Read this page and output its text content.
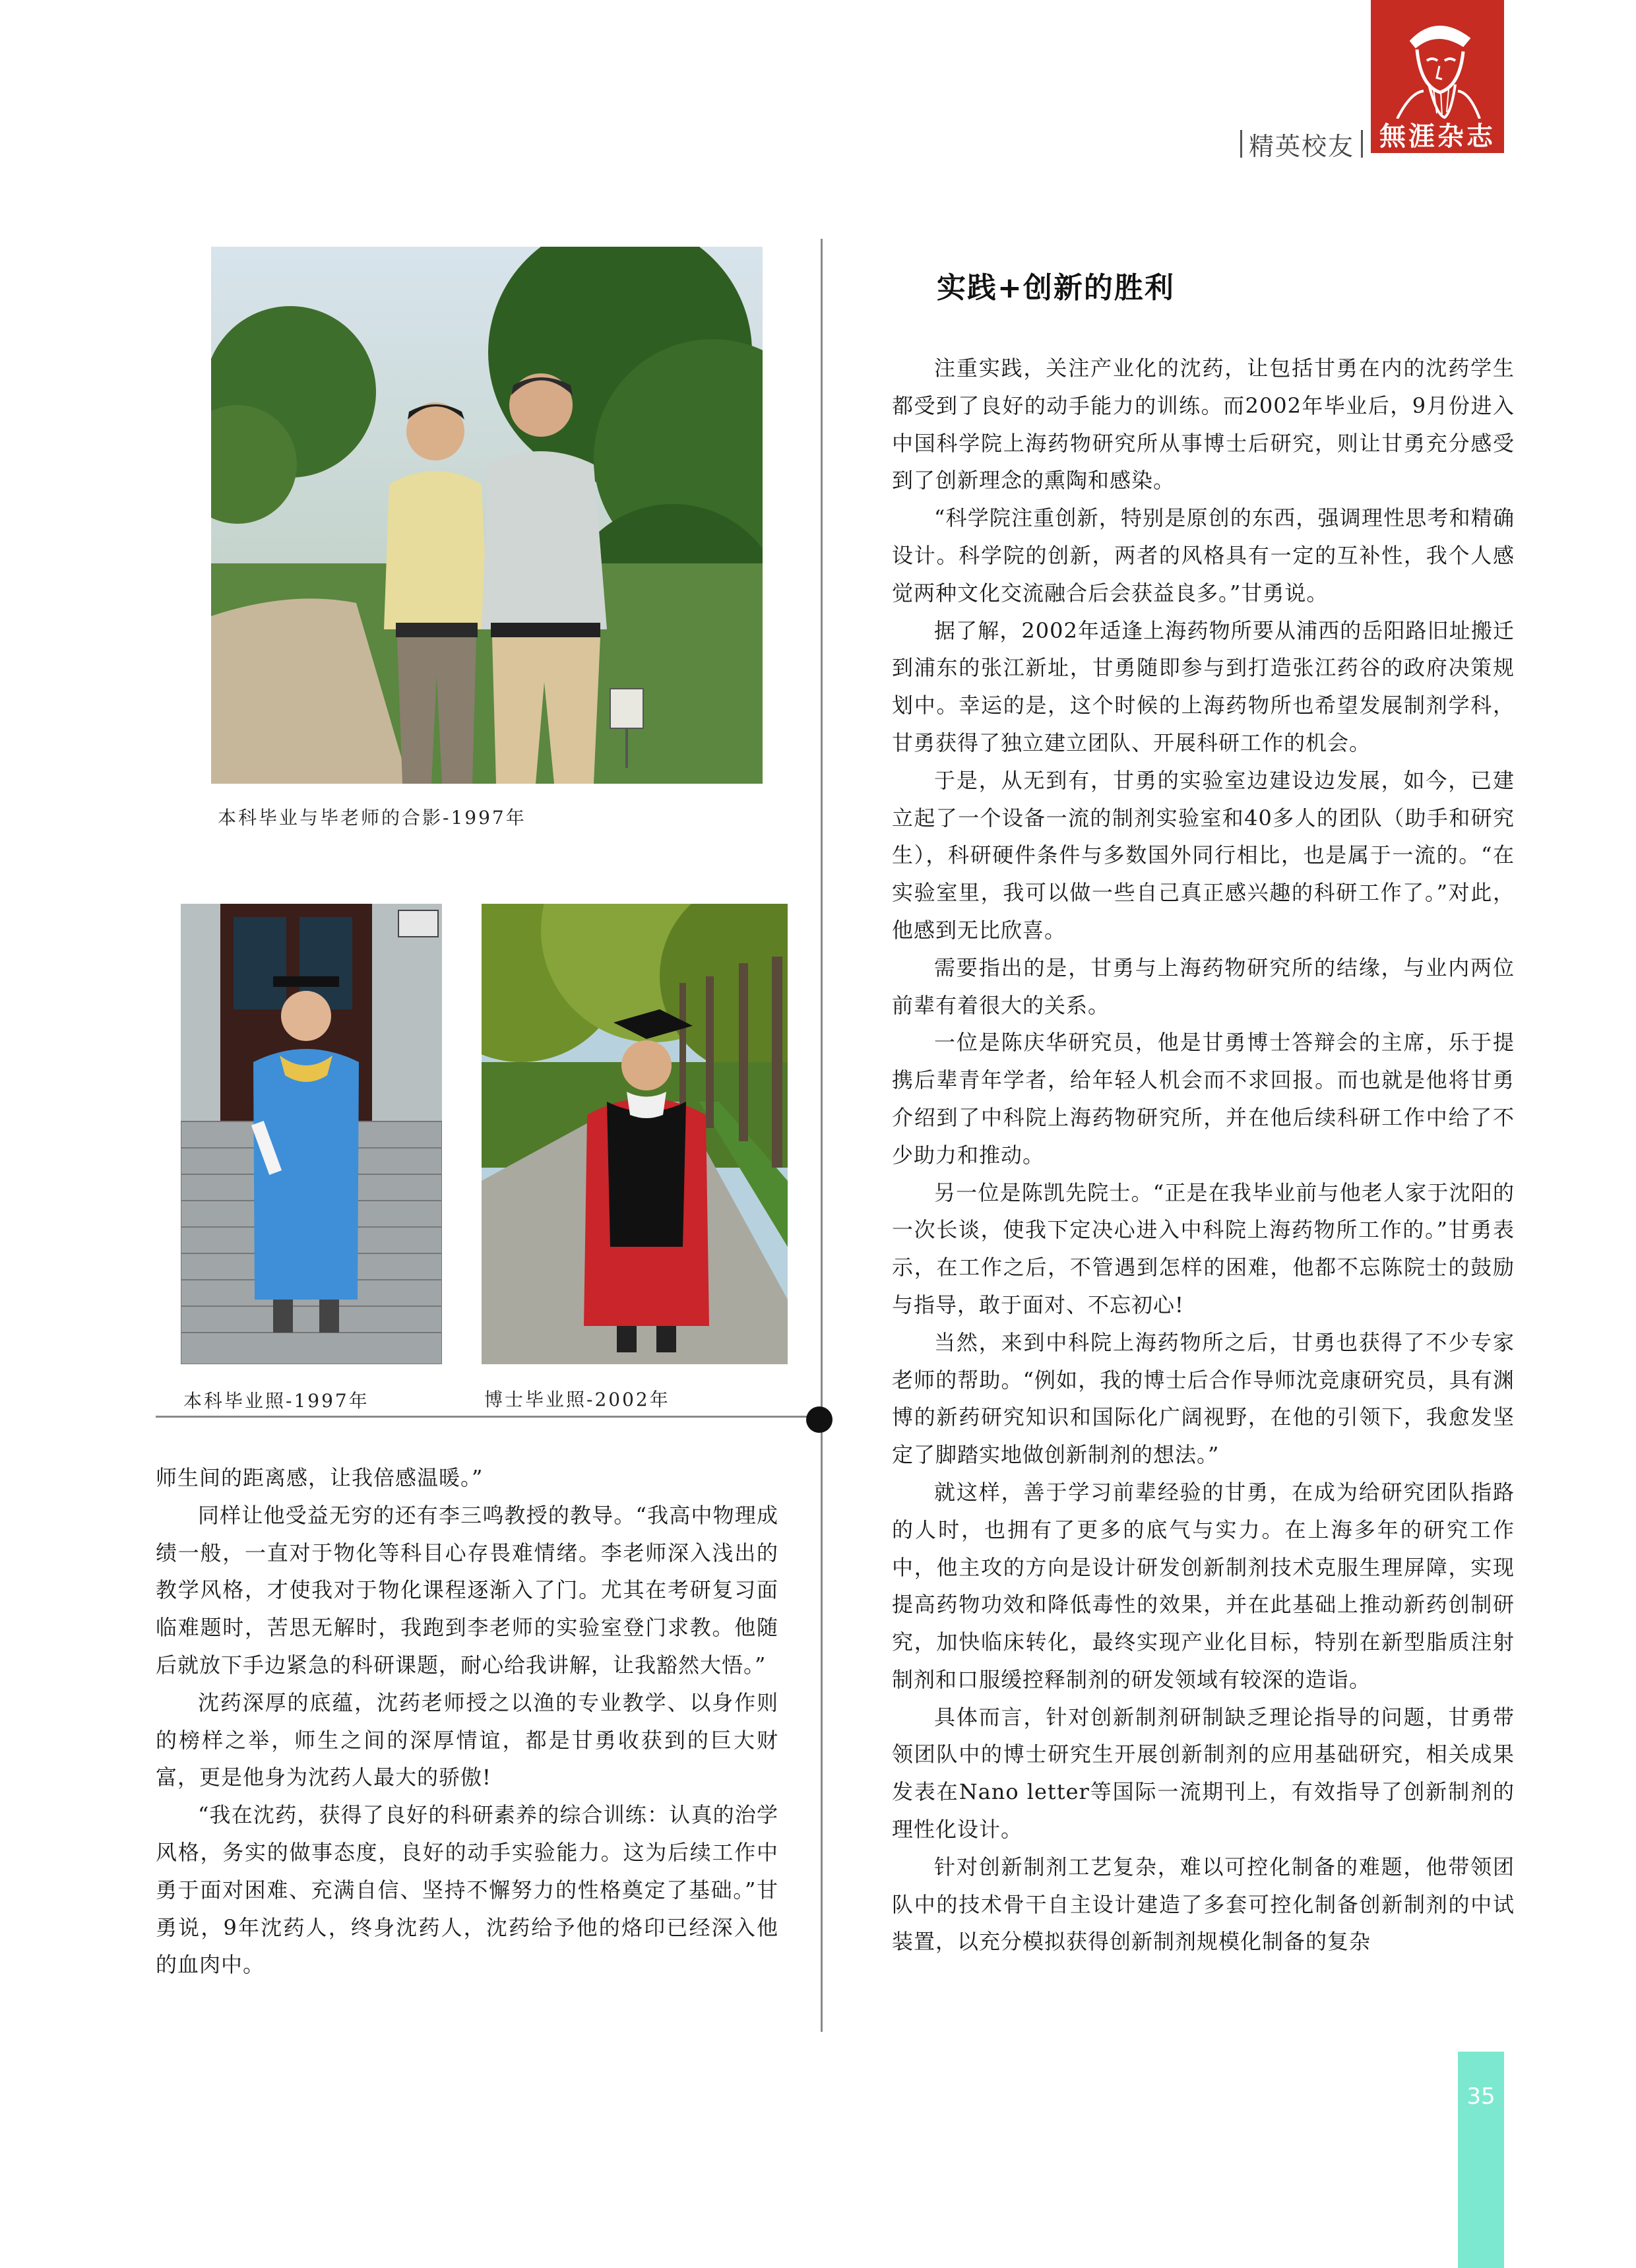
精英校友 無涯杂志
本科毕业与毕老师的合影-1997年
本科毕业照-1997年	博士毕业照-2002年

师生间的距离感，让我倍感温暖。”

同样让他受益无穷的还有李三鸣教授的教导。“我高中物理成绩一般，一直对于物化等科目心存畏难情绪。李老师深入浅出的教学风格，才使我对于物化课程逐渐入了门。尤其在考研复习面临难题时，苦思无解时，我跑到李老师的实验室登门求教。他随后就放下手边紧急的科研课题，耐心给我讲解，让我豁然大悟。”

沈药深厚的底蕴，沈药老师授之以渔的专业教学、以身作则的榜样之举，师生之间的深厚情谊，都是甘勇收获到的巨大财富，更是他身为沈药人最大的骄傲!

“我在沈药，获得了良好的科研素养的综合训练：认真的治学风格，务实的做事态度，良好的动手实验能力。这为后续工作中勇于面对困难、充满自信、坚持不懈努力的性格奠定了基础。”甘勇说，9年沈药人，终身沈药人，沈药给予他的烙印已经深入他的血肉中。

实践+创新的胜利

注重实践，关注产业化的沈药，让包括甘勇在内的沈药学生都受到了良好的动手能力的训练。而2002年毕业后，9月份进入中国科学院上海药物研究所从事博士后研究，则让甘勇充分感受到了创新理念的熏陶和感染。

“科学院注重创新，特别是原创的东西，强调理性思考和精确设计。科学院的创新，两者的风格具有一定的互补性，我个人感觉两种文化交流融合后会获益良多。”甘勇说。

据了解，2002年适逢上海药物所要从浦西的岳阳路旧址搬迁到浦东的张江新址，甘勇随即参与到打造张江药谷的政府决策规划中。幸运的是，这个时候的上海药物所也希望发展制剂学科，甘勇获得了独立建立团队、开展科研工作的机会。

于是，从无到有，甘勇的实验室边建设边发展，如今，已建立起了一个设备一流的制剂实验室和40多人的团队（助手和研究生），科研硬件条件与多数国外同行相比，也是属于一流的。“在实验室里，我可以做一些自己真正感兴趣的科研工作了。”对此，他感到无比欣喜。

需要指出的是，甘勇与上海药物研究所的结缘，与业内两位前辈有着很大的关系。

一位是陈庆华研究员，他是甘勇博士答辩会的主席，乐于提携后辈青年学者，给年轻人机会而不求回报。而也就是他将甘勇介绍到了中科院上海药物研究所，并在他后续科研工作中给了不少助力和推动。

另一位是陈凯先院士。“正是在我毕业前与他老人家于沈阳的一次长谈，使我下定决心进入中科院上海药物所工作的。”甘勇表示，在工作之后，不管遇到怎样的困难，他都不忘陈院士的鼓励与指导，敢于面对、不忘初心!

当然，来到中科院上海药物所之后，甘勇也获得了不少专家老师的帮助。“例如，我的博士后合作导师沈竞康研究员，具有渊博的新药研究知识和国际化广阔视野，在他的引领下，我愈发坚定了脚踏实地做创新制剂的想法。”

就这样，善于学习前辈经验的甘勇，在成为给研究团队指路的人时，也拥有了更多的底气与实力。在上海多年的研究工作中，他主攻的方向是设计研发创新制剂技术克服生理屏障，实现提高药物功效和降低毒性的效果，并在此基础上推动新药创制研究，加快临床转化，最终实现产业化目标，特别在新型脂质注射制剂和口服缓控释制剂的研发领域有较深的造诣。

具体而言，针对创新制剂研制缺乏理论指导的问题，甘勇带领团队中的博士研究生开展创新制剂的应用基础研究，相关成果发表在Nano letter等国际一流期刊上，有效指导了创新制剂的理性化设计。

针对创新制剂工艺复杂，难以可控化制备的难题，他带领团队中的技术骨干自主设计建造了多套可控化制备创新制剂的中试装置，以充分模拟获得创新制剂规模化制备的复杂

35
